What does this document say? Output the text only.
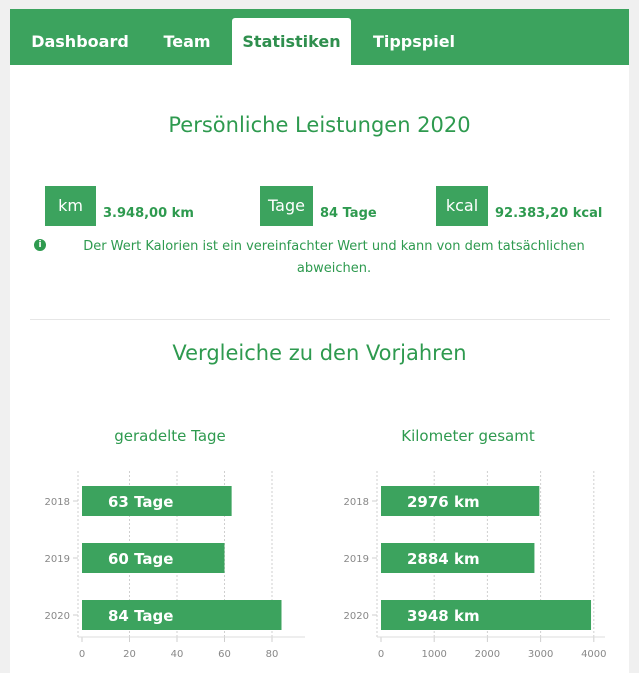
Dashboard	Team	Statistiken	Tippspiel
Persönliche Leistungen 2020
km	3.948,00 km	Tage	84 Tage	kcal	92.383,20 kcal
i	Der Wert Kalorien ist ein vereinfachter Wert und kann von dem tatsächlichen abweichen.
Vergleiche zu den Vorjahren
geradelte Tage	Kilometer gesamt
0	20	40	60	80
2018	63 Tage
2019	60 Tage
2020	84 Tage
0	1000	2000	3000	4000
2018	2976 km
2019	2884 km
2020	3948 km
